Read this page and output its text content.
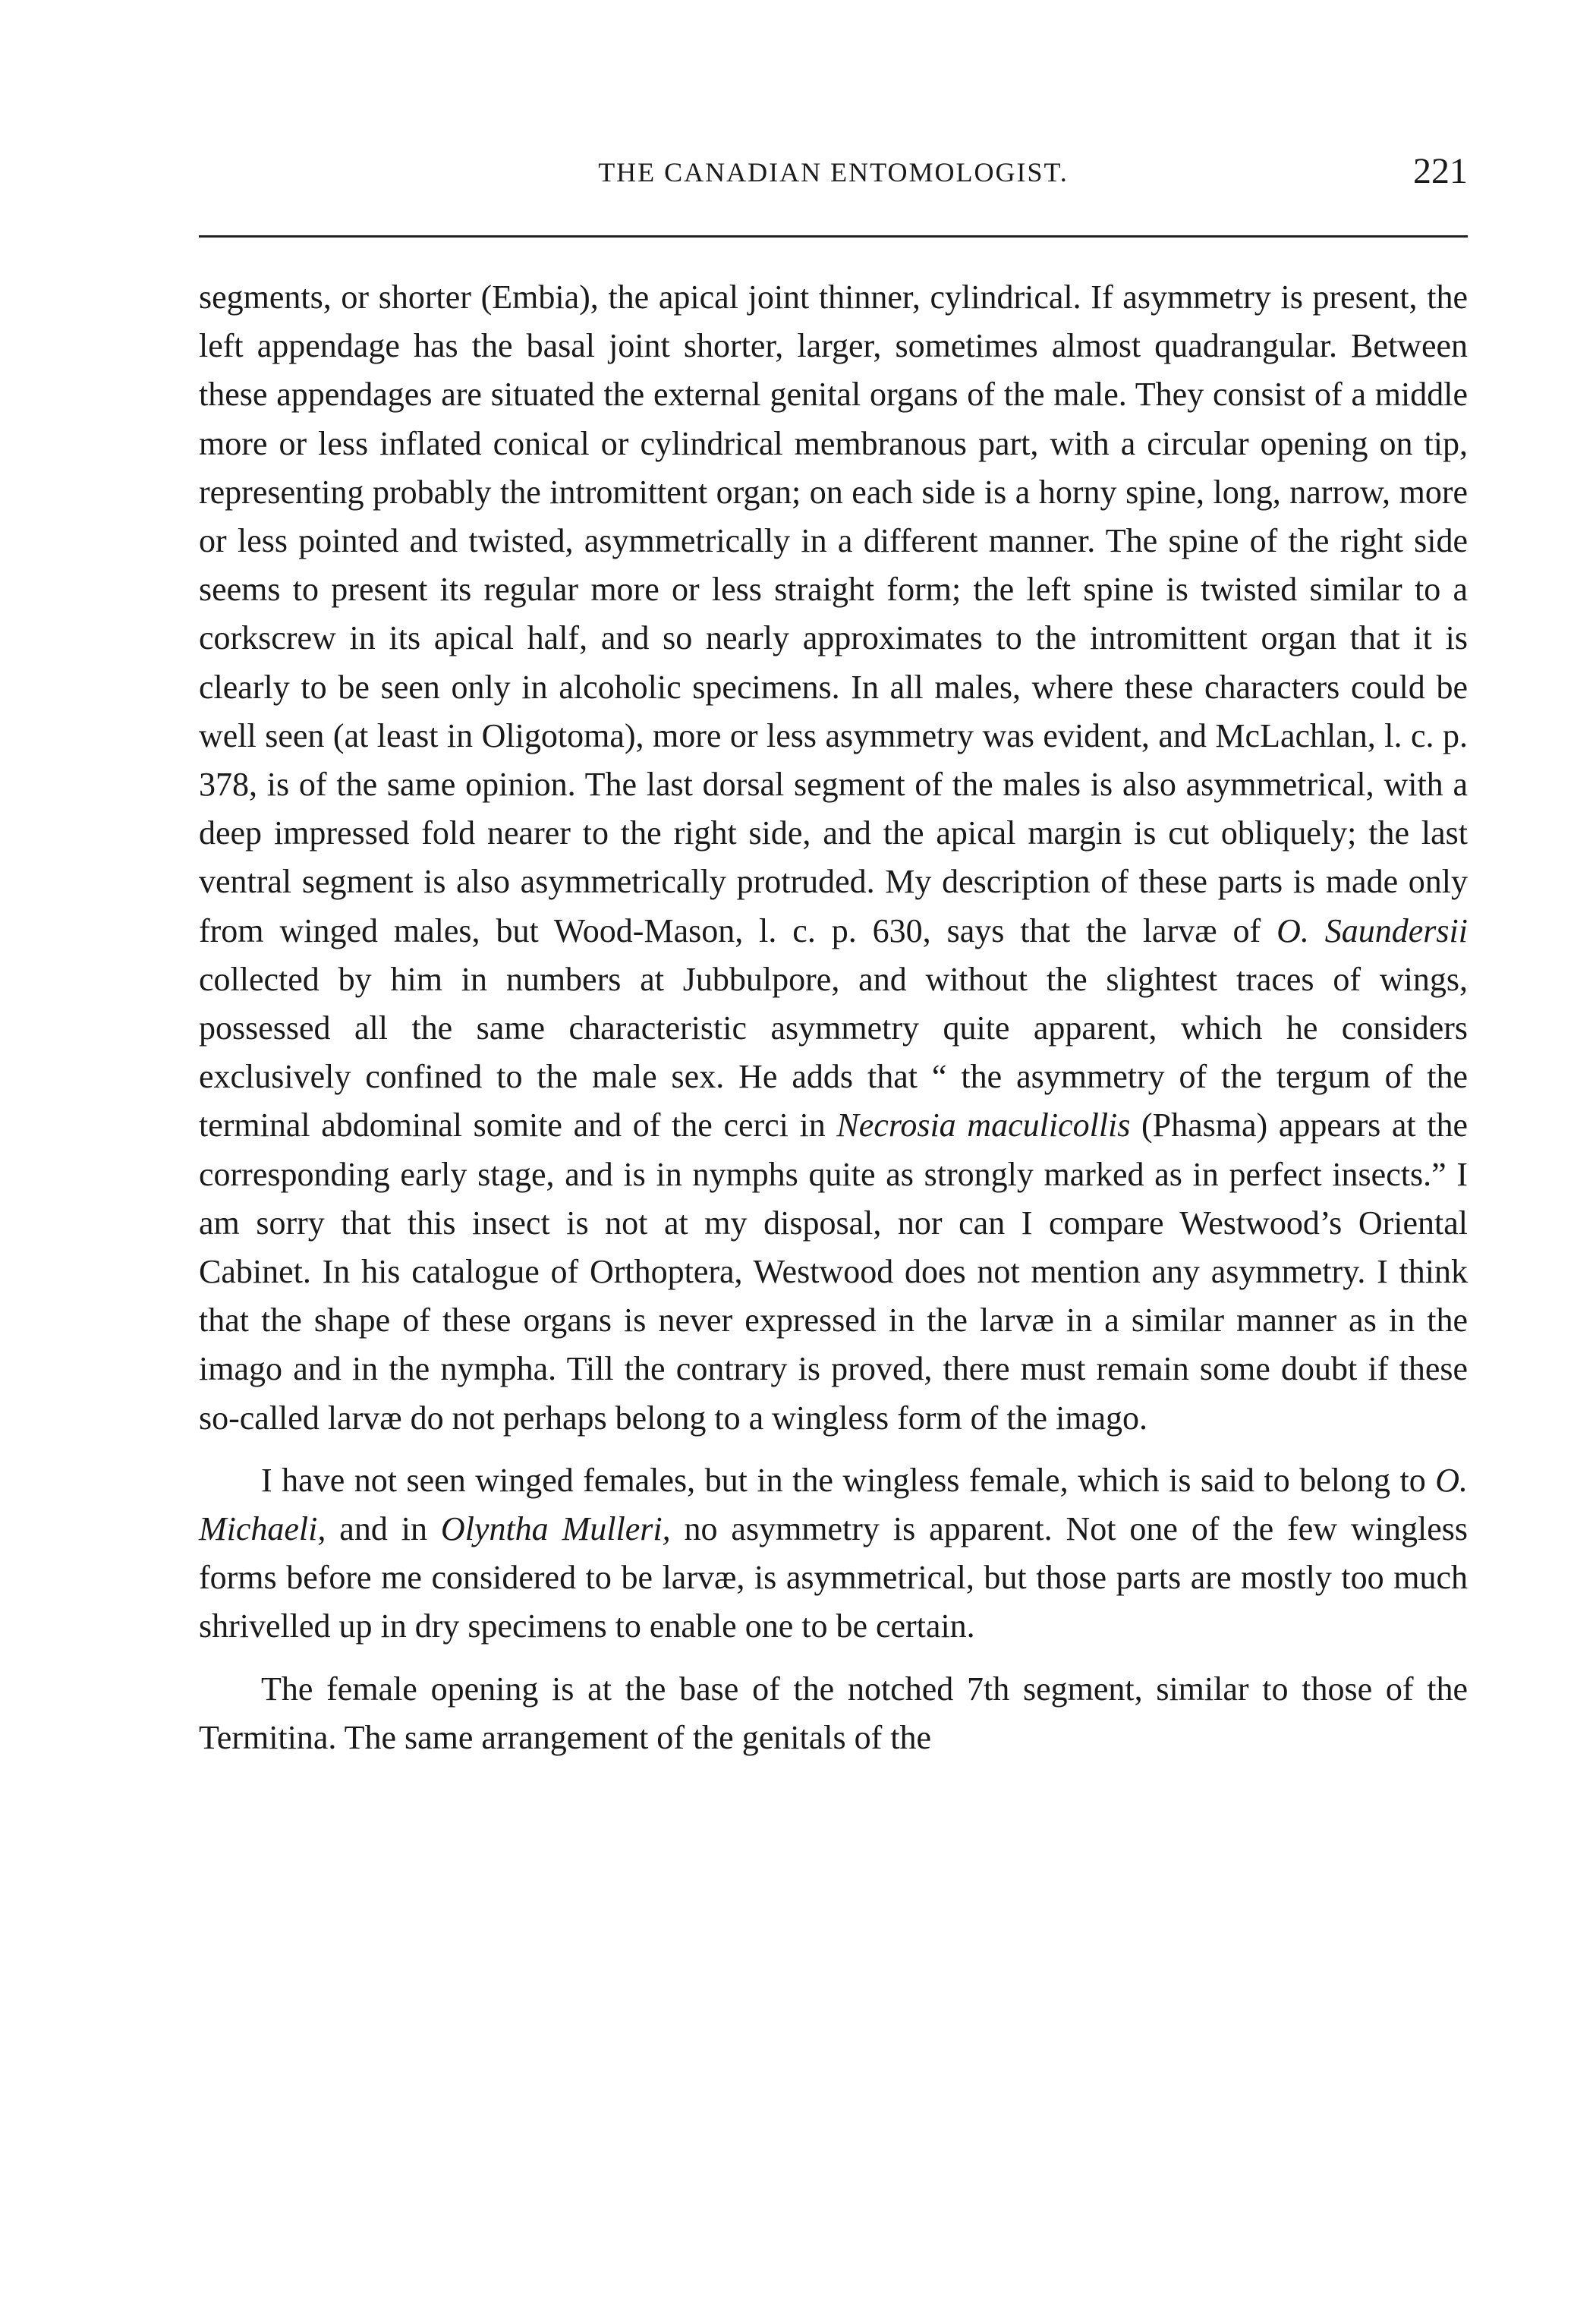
THE CANADIAN ENTOMOLOGIST.	221

segments, or shorter (Embia), the apical joint thinner, cylindrical. If asymmetry is present, the left appendage has the basal joint shorter, larger, sometimes almost quadrangular. Between these appendages are situated the external genital organs of the male. They consist of a middle more or less inflated conical or cylindrical membranous part, with a circular opening on tip, representing probably the intromittent organ; on each side is a horny spine, long, narrow, more or less pointed and twisted, asymmetrically in a different manner. The spine of the right side seems to present its regular more or less straight form; the left spine is twisted similar to a corkscrew in its apical half, and so nearly approximates to the intromittent organ that it is clearly to be seen only in alcoholic specimens. In all males, where these characters could be well seen (at least in Oligotoma), more or less asymmetry was evident, and McLachlan, l. c. p. 378, is of the same opinion. The last dorsal segment of the males is also asymmetrical, with a deep impressed fold nearer to the right side, and the apical margin is cut obliquely; the last ventral segment is also asymmetrically protruded. My description of these parts is made only from winged males, but Wood-Mason, l. c. p. 630, says that the larvæ of O. Saundersii collected by him in numbers at Jubbulpore, and without the slightest traces of wings, possessed all the same characteristic asymmetry quite apparent, which he considers exclusively confined to the male sex. He adds that “ the asymmetry of the tergum of the terminal abdominal somite and of the cerci in Necrosia maculicollis (Phasma) appears at the corresponding early stage, and is in nymphs quite as strongly marked as in perfect insects.” I am sorry that this insect is not at my disposal, nor can I compare Westwood’s Oriental Cabinet. In his catalogue of Orthoptera, Westwood does not mention any asymmetry. I think that the shape of these organs is never expressed in the larvæ in a similar manner as in the imago and in the nympha. Till the contrary is proved, there must remain some doubt if these so-called larvæ do not perhaps belong to a wingless form of the imago.

I have not seen winged females, but in the wingless female, which is said to belong to O. Michaeli, and in Olyntha Mulleri, no asymmetry is apparent. Not one of the few wingless forms before me considered to be larvæ, is asymmetrical, but those parts are mostly too much shrivelled up in dry specimens to enable one to be certain.

The female opening is at the base of the notched 7th segment, similar to those of the Termitina. The same arrangement of the genitals of the
